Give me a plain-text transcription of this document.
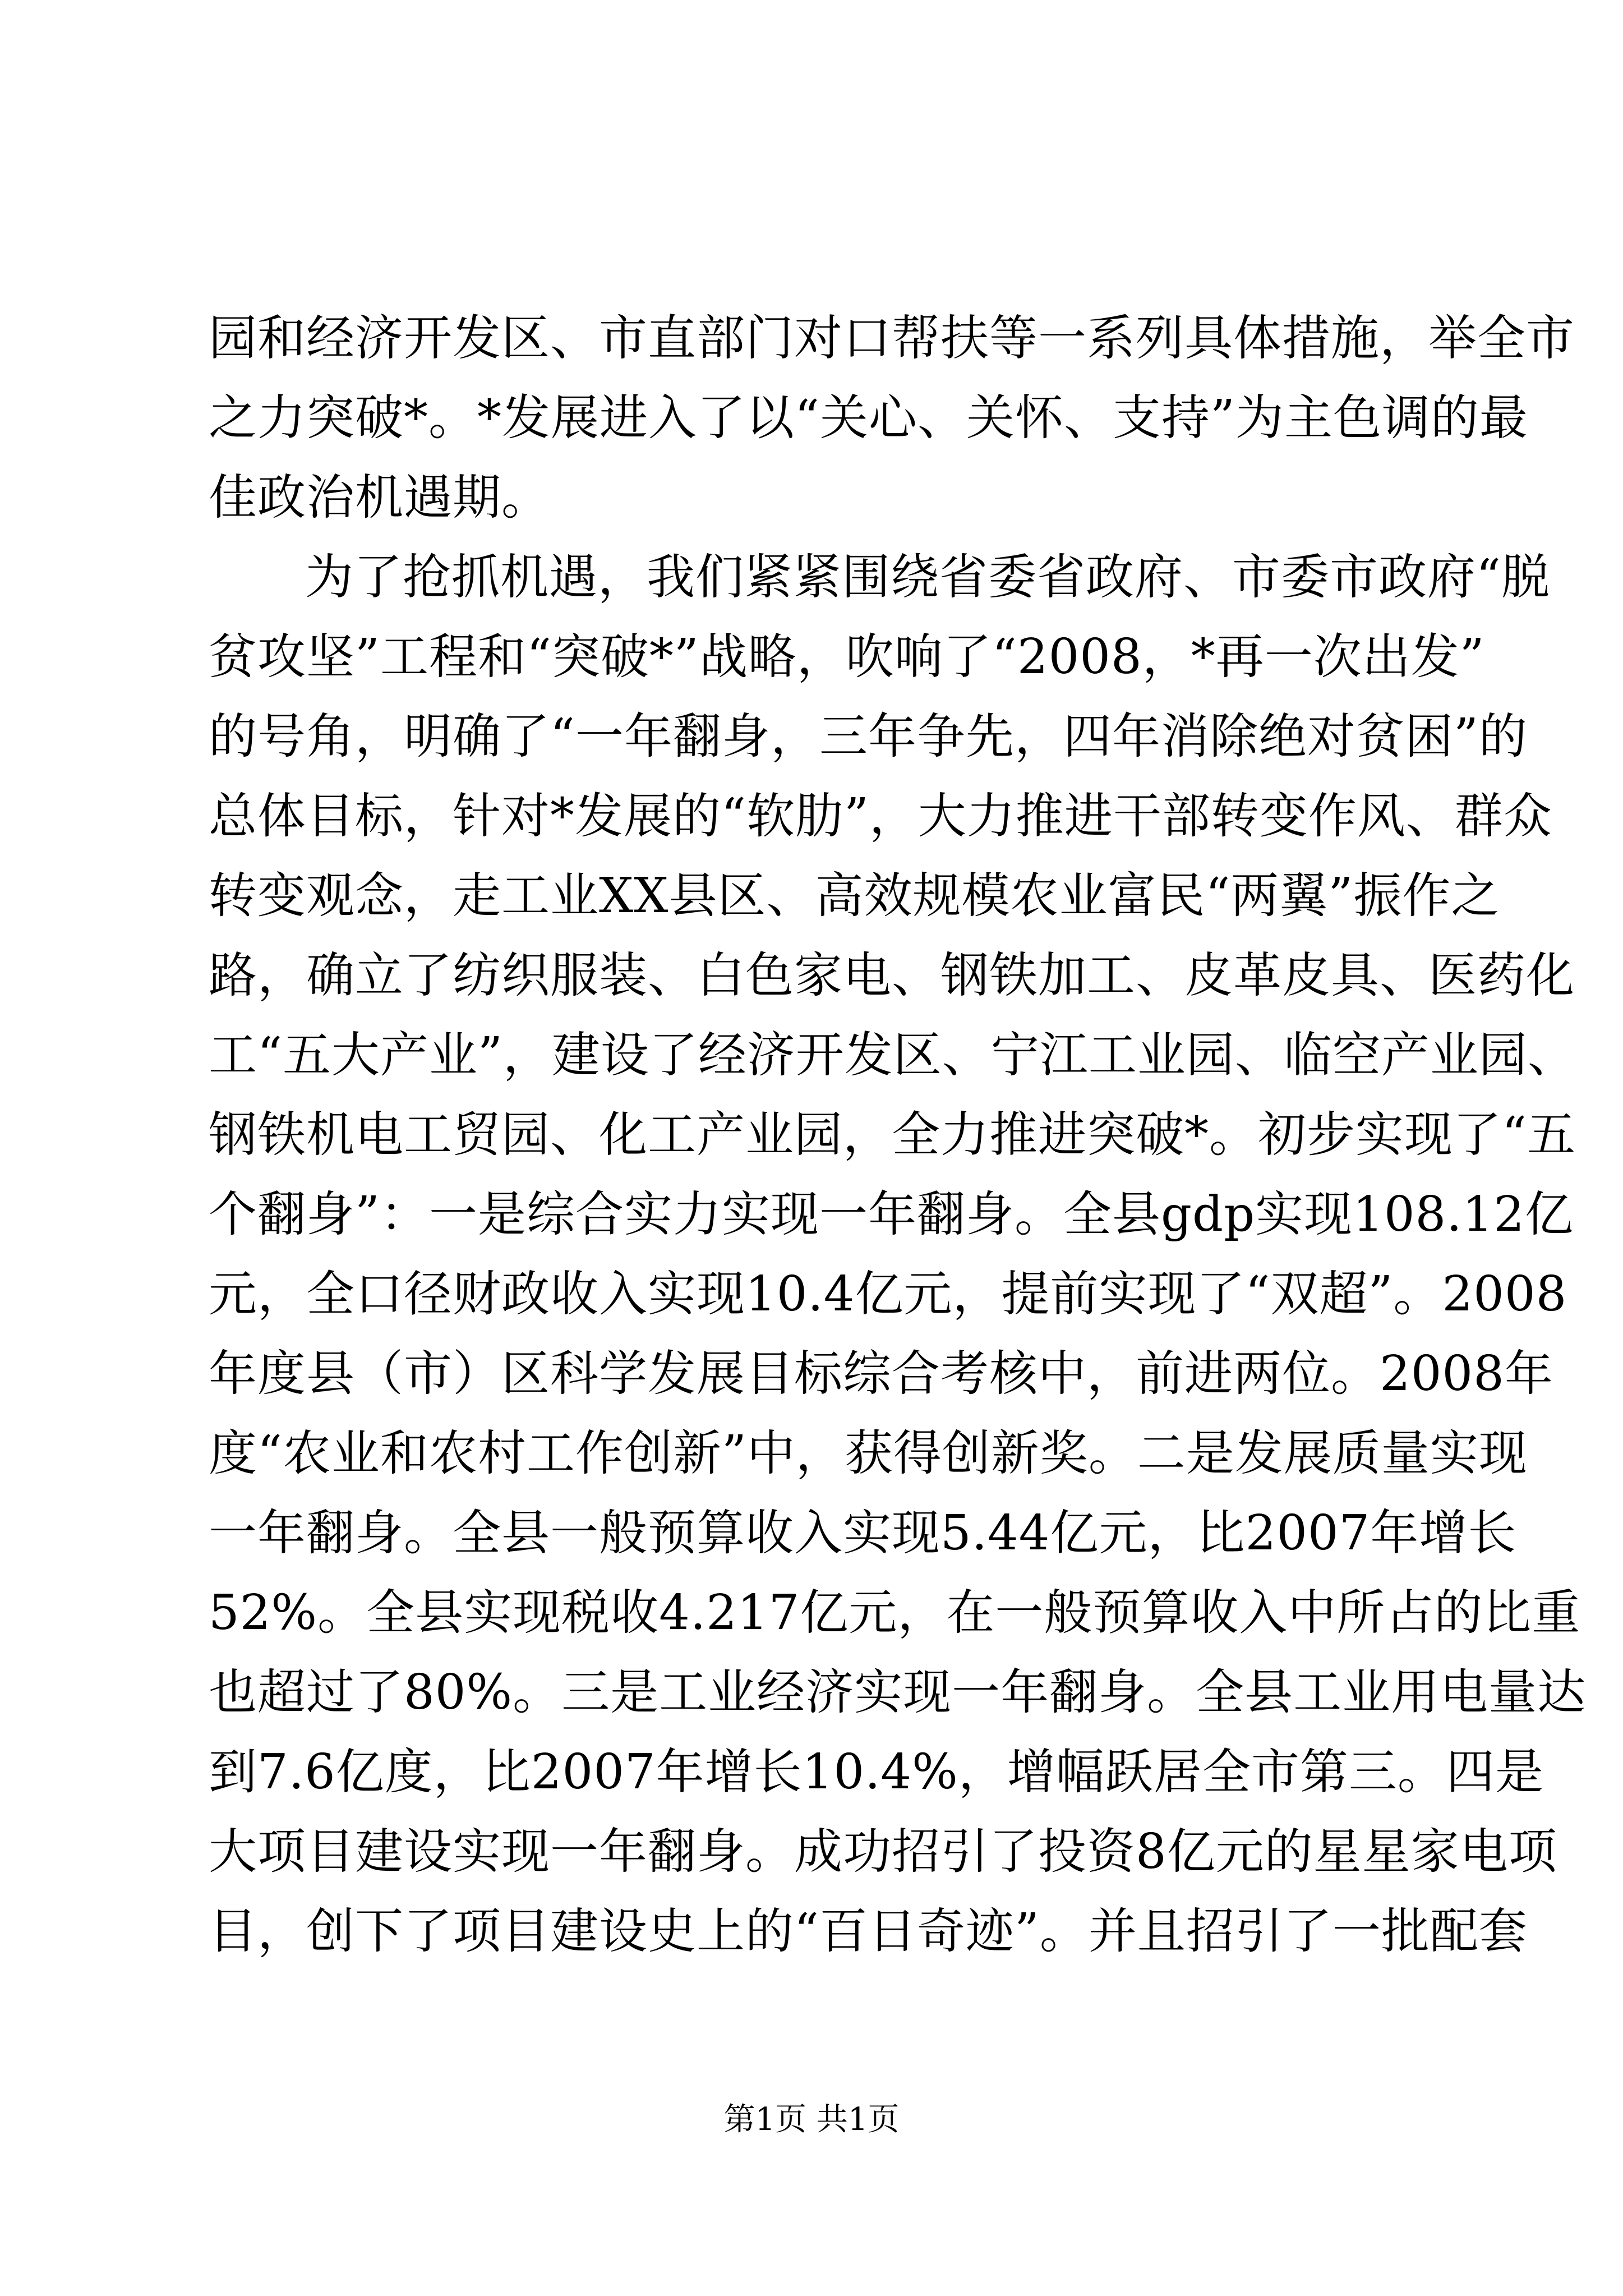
园和经济开发区、市直部门对口帮扶等一系列具体措施，举全市
之力突破*。*发展进入了以“关心、关怀、支持”为主色调的最
佳政治机遇期。
为了抢抓机遇，我们紧紧围绕省委省政府、市委市政府“脱
贫攻坚”工程和“突破*”战略，吹响了“2008，*再一次出发”
的号角，明确了“一年翻身，三年争先，四年消除绝对贫困”的
总体目标，针对*发展的“软肋”，大力推进干部转变作风、群众
转变观念，走工业XX县区、高效规模农业富民“两翼”振作之
路，确立了纺织服装、白色家电、钢铁加工、皮革皮具、医药化
工“五大产业”，建设了经济开发区、宁江工业园、临空产业园、
钢铁机电工贸园、化工产业园，全力推进突破*。初步实现了“五
个翻身”：一是综合实力实现一年翻身。全县gdp实现108.12亿
元，全口径财政收入实现10.4亿元，提前实现了“双超”。2008
年度县（市）区科学发展目标综合考核中，前进两位。2008年
度“农业和农村工作创新”中，获得创新奖。二是发展质量实现
一年翻身。全县一般预算收入实现5.44亿元，比2007年增长
52%。全县实现税收4.217亿元，在一般预算收入中所占的比重
也超过了80%。三是工业经济实现一年翻身。全县工业用电量达
到7.6亿度，比2007年增长10.4%，增幅跃居全市第三。四是
大项目建设实现一年翻身。成功招引了投资8亿元的星星家电项
目，创下了项目建设史上的“百日奇迹”。并且招引了一批配套
第1页 共1页
